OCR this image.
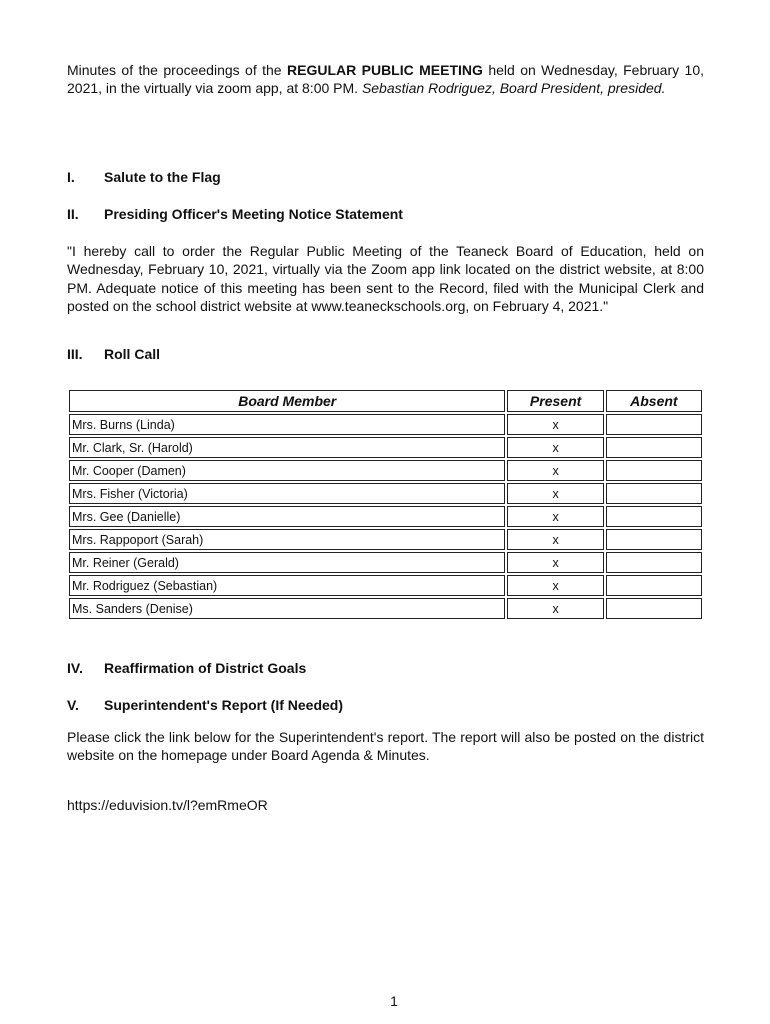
Minutes of the proceedings of the REGULAR PUBLIC MEETING held on Wednesday, February 10, 2021, in the virtually via zoom app, at 8:00 PM. Sebastian Rodriguez, Board President, presided.
I. Salute to the Flag
II. Presiding Officer's Meeting Notice Statement
"I hereby call to order the Regular Public Meeting of the Teaneck Board of Education, held on Wednesday, February 10, 2021, virtually via the Zoom app link located on the district website, at 8:00 PM. Adequate notice of this meeting has been sent to the Record, filed with the Municipal Clerk and posted on the school district website at www.teaneckschools.org, on February 4, 2021."
III. Roll Call
Board Member	Present	Absent
Mrs. Burns (Linda)	x	
Mr. Clark, Sr. (Harold)	x	
Mr. Cooper (Damen)	x	
Mrs. Fisher (Victoria)	x	
Mrs. Gee (Danielle)	x	
Mrs. Rappoport (Sarah)	x	
Mr. Reiner (Gerald)	x	
Mr. Rodriguez (Sebastian)	x	
Ms. Sanders (Denise)	x	
IV. Reaffirmation of District Goals
V. Superintendent's Report (If Needed)
Please click the link below for the Superintendent's report. The report will also be posted on the district website on the homepage under Board Agenda & Minutes.
https://eduvision.tv/l?emRmeOR
1
